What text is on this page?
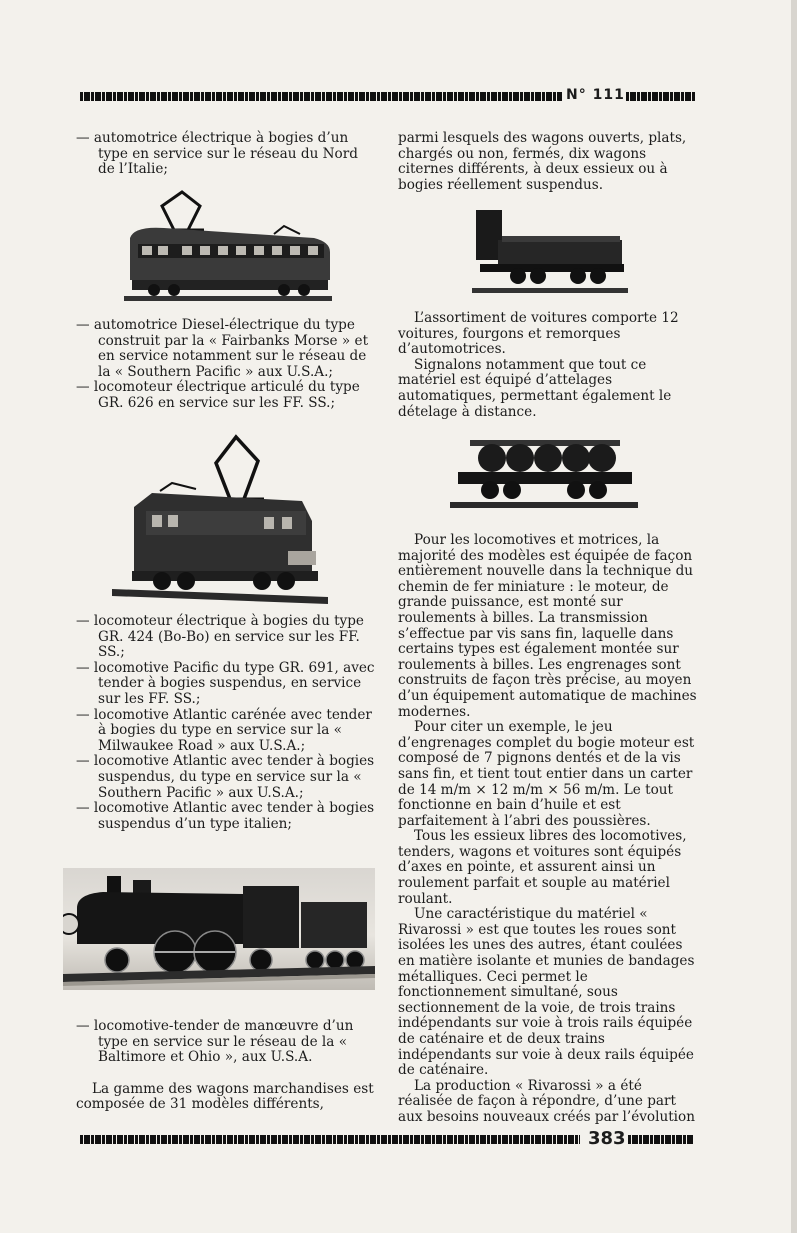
N° 111

— automotrice électrique à bogies d’un type en service sur le réseau du Nord de l’Italie;

— automotrice Diesel-électrique du type construit par la « Fairbanks Morse » et en service notamment sur le réseau de la « Southern Pacific » aux U.S.A.;

— locomoteur électrique articulé du type GR. 626 en service sur les FF. SS.;

— locomoteur électrique à bogies du type GR. 424 (Bo-Bo) en service sur les FF. SS.;

— locomotive Pacific du type GR. 691, avec tender à bogies suspendus, en service sur les FF. SS.;

— locomotive Atlantic carénée avec tender à bogies du type en service sur la « Milwaukee Road » aux U.S.A.;

— locomotive Atlantic avec tender à bogies suspendus, du type en service sur la « Southern Pacific » aux U.S.A.;

— locomotive Atlantic avec tender à bogies suspendus d’un type italien;

— locomotive-tender de manœuvre d’un type en service sur le réseau de la « Baltimore et Ohio », aux U.S.A.

La gamme des wagons marchandises est composée de 31 modèles différents,

parmi lesquels des wagons ouverts, plats, chargés ou non, fermés, dix wagons citernes différents, à deux essieux ou à bogies réellement suspendus.

L’assortiment de voitures comporte 12 voitures, fourgons et remorques d’automotrices.

Signalons notamment que tout ce matériel est équipé d’attelages automatiques, permettant également le dételage à distance.

Pour les locomotives et motrices, la majorité des modèles est équipée de façon entièrement nouvelle dans la technique du chemin de fer miniature : le moteur, de grande puissance, est monté sur roulements à billes. La transmission s’effectue par vis sans fin, laquelle dans certains types est également montée sur roulements à billes. Les engrenages sont construits de façon très précise, au moyen d’un équipement automatique de machines modernes.

Pour citer un exemple, le jeu d’engrenages complet du bogie moteur est composé de 7 pignons dentés et de la vis sans fin, et tient tout entier dans un carter de 14 m/m × 12 m/m × 56 m/m. Le tout fonctionne en bain d’huile et est parfaitement à l’abri des poussières.

Tous les essieux libres des locomotives, tenders, wagons et voitures sont équipés d’axes en pointe, et assurent ainsi un roulement parfait et souple au matériel roulant.

Une caractéristique du matériel « Rivarossi » est que toutes les roues sont isolées les unes des autres, étant coulées en matière isolante et munies de bandages métalliques. Ceci permet le fonctionnement simultané, sous sectionnement de la voie, de trois trains indépendants sur voie à trois rails équipée de caténaire et de deux trains indépendants sur voie à deux rails équipée de caténaire.

La production « Rivarossi » a été réalisée de façon à répondre, d’une part aux besoins nouveaux créés par l’évolution

383
